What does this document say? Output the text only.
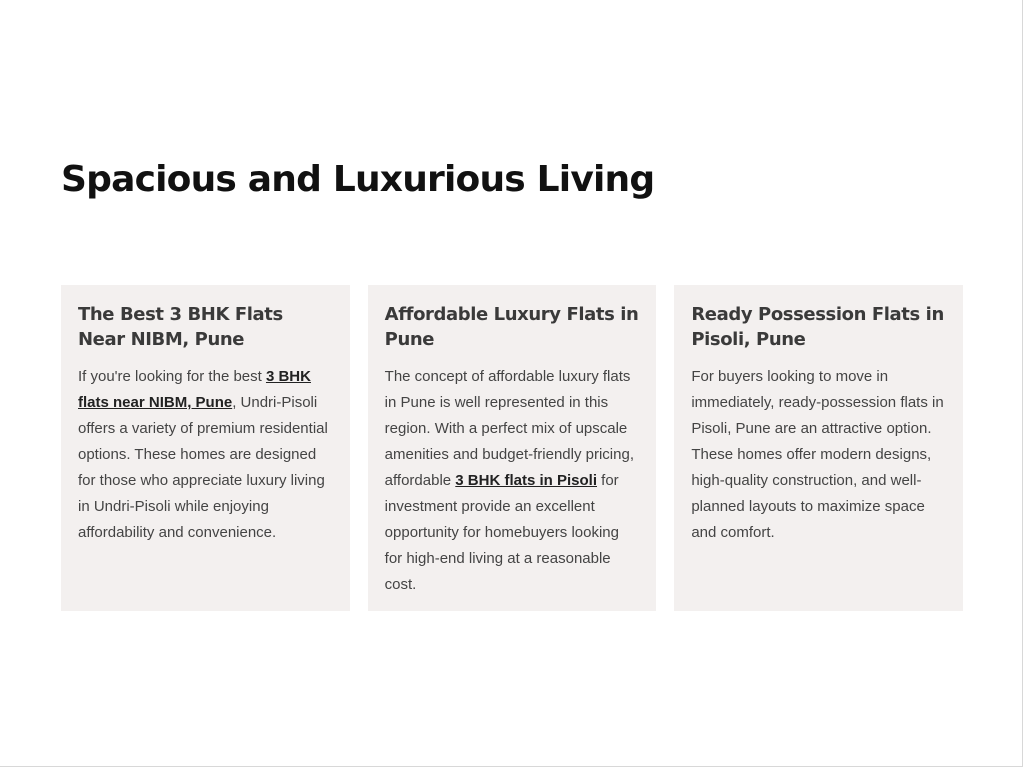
Spacious and Luxurious Living
The Best 3 BHK Flats Near NIBM, Pune

If you're looking for the best 3 BHK flats near NIBM, Pune, Undri-Pisoli offers a variety of premium residential options. These homes are designed for those who appreciate luxury living in Undri-Pisoli while enjoying affordability and convenience.

Affordable Luxury Flats in Pune

The concept of affordable luxury flats in Pune is well represented in this region. With a perfect mix of upscale amenities and budget-friendly pricing, affordable 3 BHK flats in Pisoli for investment provide an excellent opportunity for homebuyers looking for high-end living at a reasonable cost.

Ready Possession Flats in Pisoli, Pune

For buyers looking to move in immediately, ready-possession flats in Pisoli, Pune are an attractive option. These homes offer modern designs, high-quality construction, and well-planned layouts to maximize space and comfort.
